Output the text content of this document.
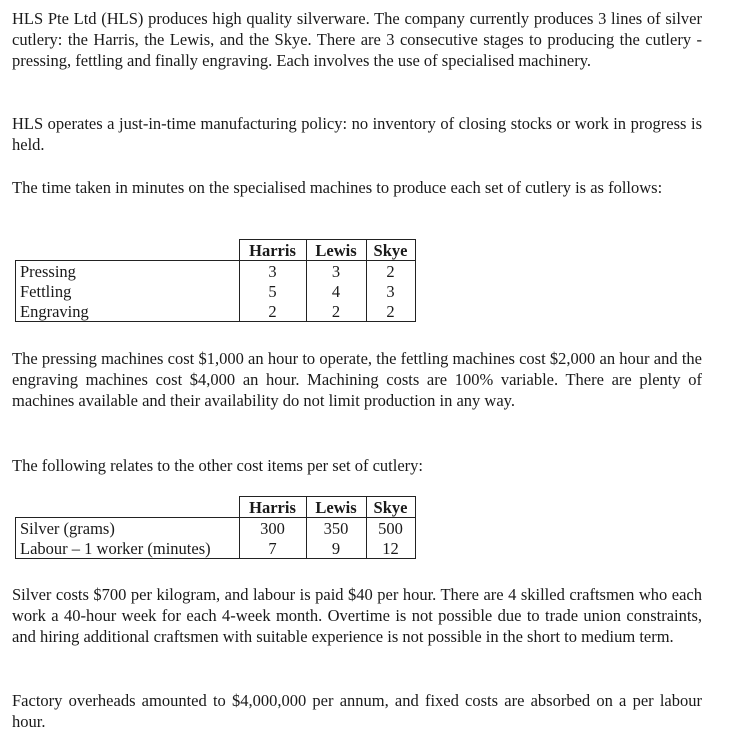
HLS Pte Ltd (HLS) produces high quality silverware. The company currently produces 3 lines of silver cutlery: the Harris, the Lewis, and the Skye. There are 3 consecutive stages to producing the cutlery - pressing, fettling and finally engraving. Each involves the use of specialised machinery.

HLS operates a just-in-time manufacturing policy: no inventory of closing stocks or work in progress is held.

The time taken in minutes on the specialised machines to produce each set of cutlery is as follows:

	Harris	Lewis	Skye
Pressing	3	3	2
Fettling	5	4	3
Engraving	2	2	2

The pressing machines cost $1,000 an hour to operate, the fettling machines cost $2,000 an hour and the engraving machines cost $4,000 an hour. Machining costs are 100% variable. There are plenty of machines available and their availability do not limit production in any way.

The following relates to the other cost items per set of cutlery:

	Harris	Lewis	Skye
Silver (grams)	300	350	500
Labour – 1 worker (minutes)	7	9	12

Silver costs $700 per kilogram, and labour is paid $40 per hour. There are 4 skilled craftsmen who each work a 40-hour week for each 4-week month. Overtime is not possible due to trade union constraints, and hiring additional craftsmen with suitable experience is not possible in the short to medium term.

Factory overheads amounted to $4,000,000 per annum, and fixed costs are absorbed on a per labour hour.
